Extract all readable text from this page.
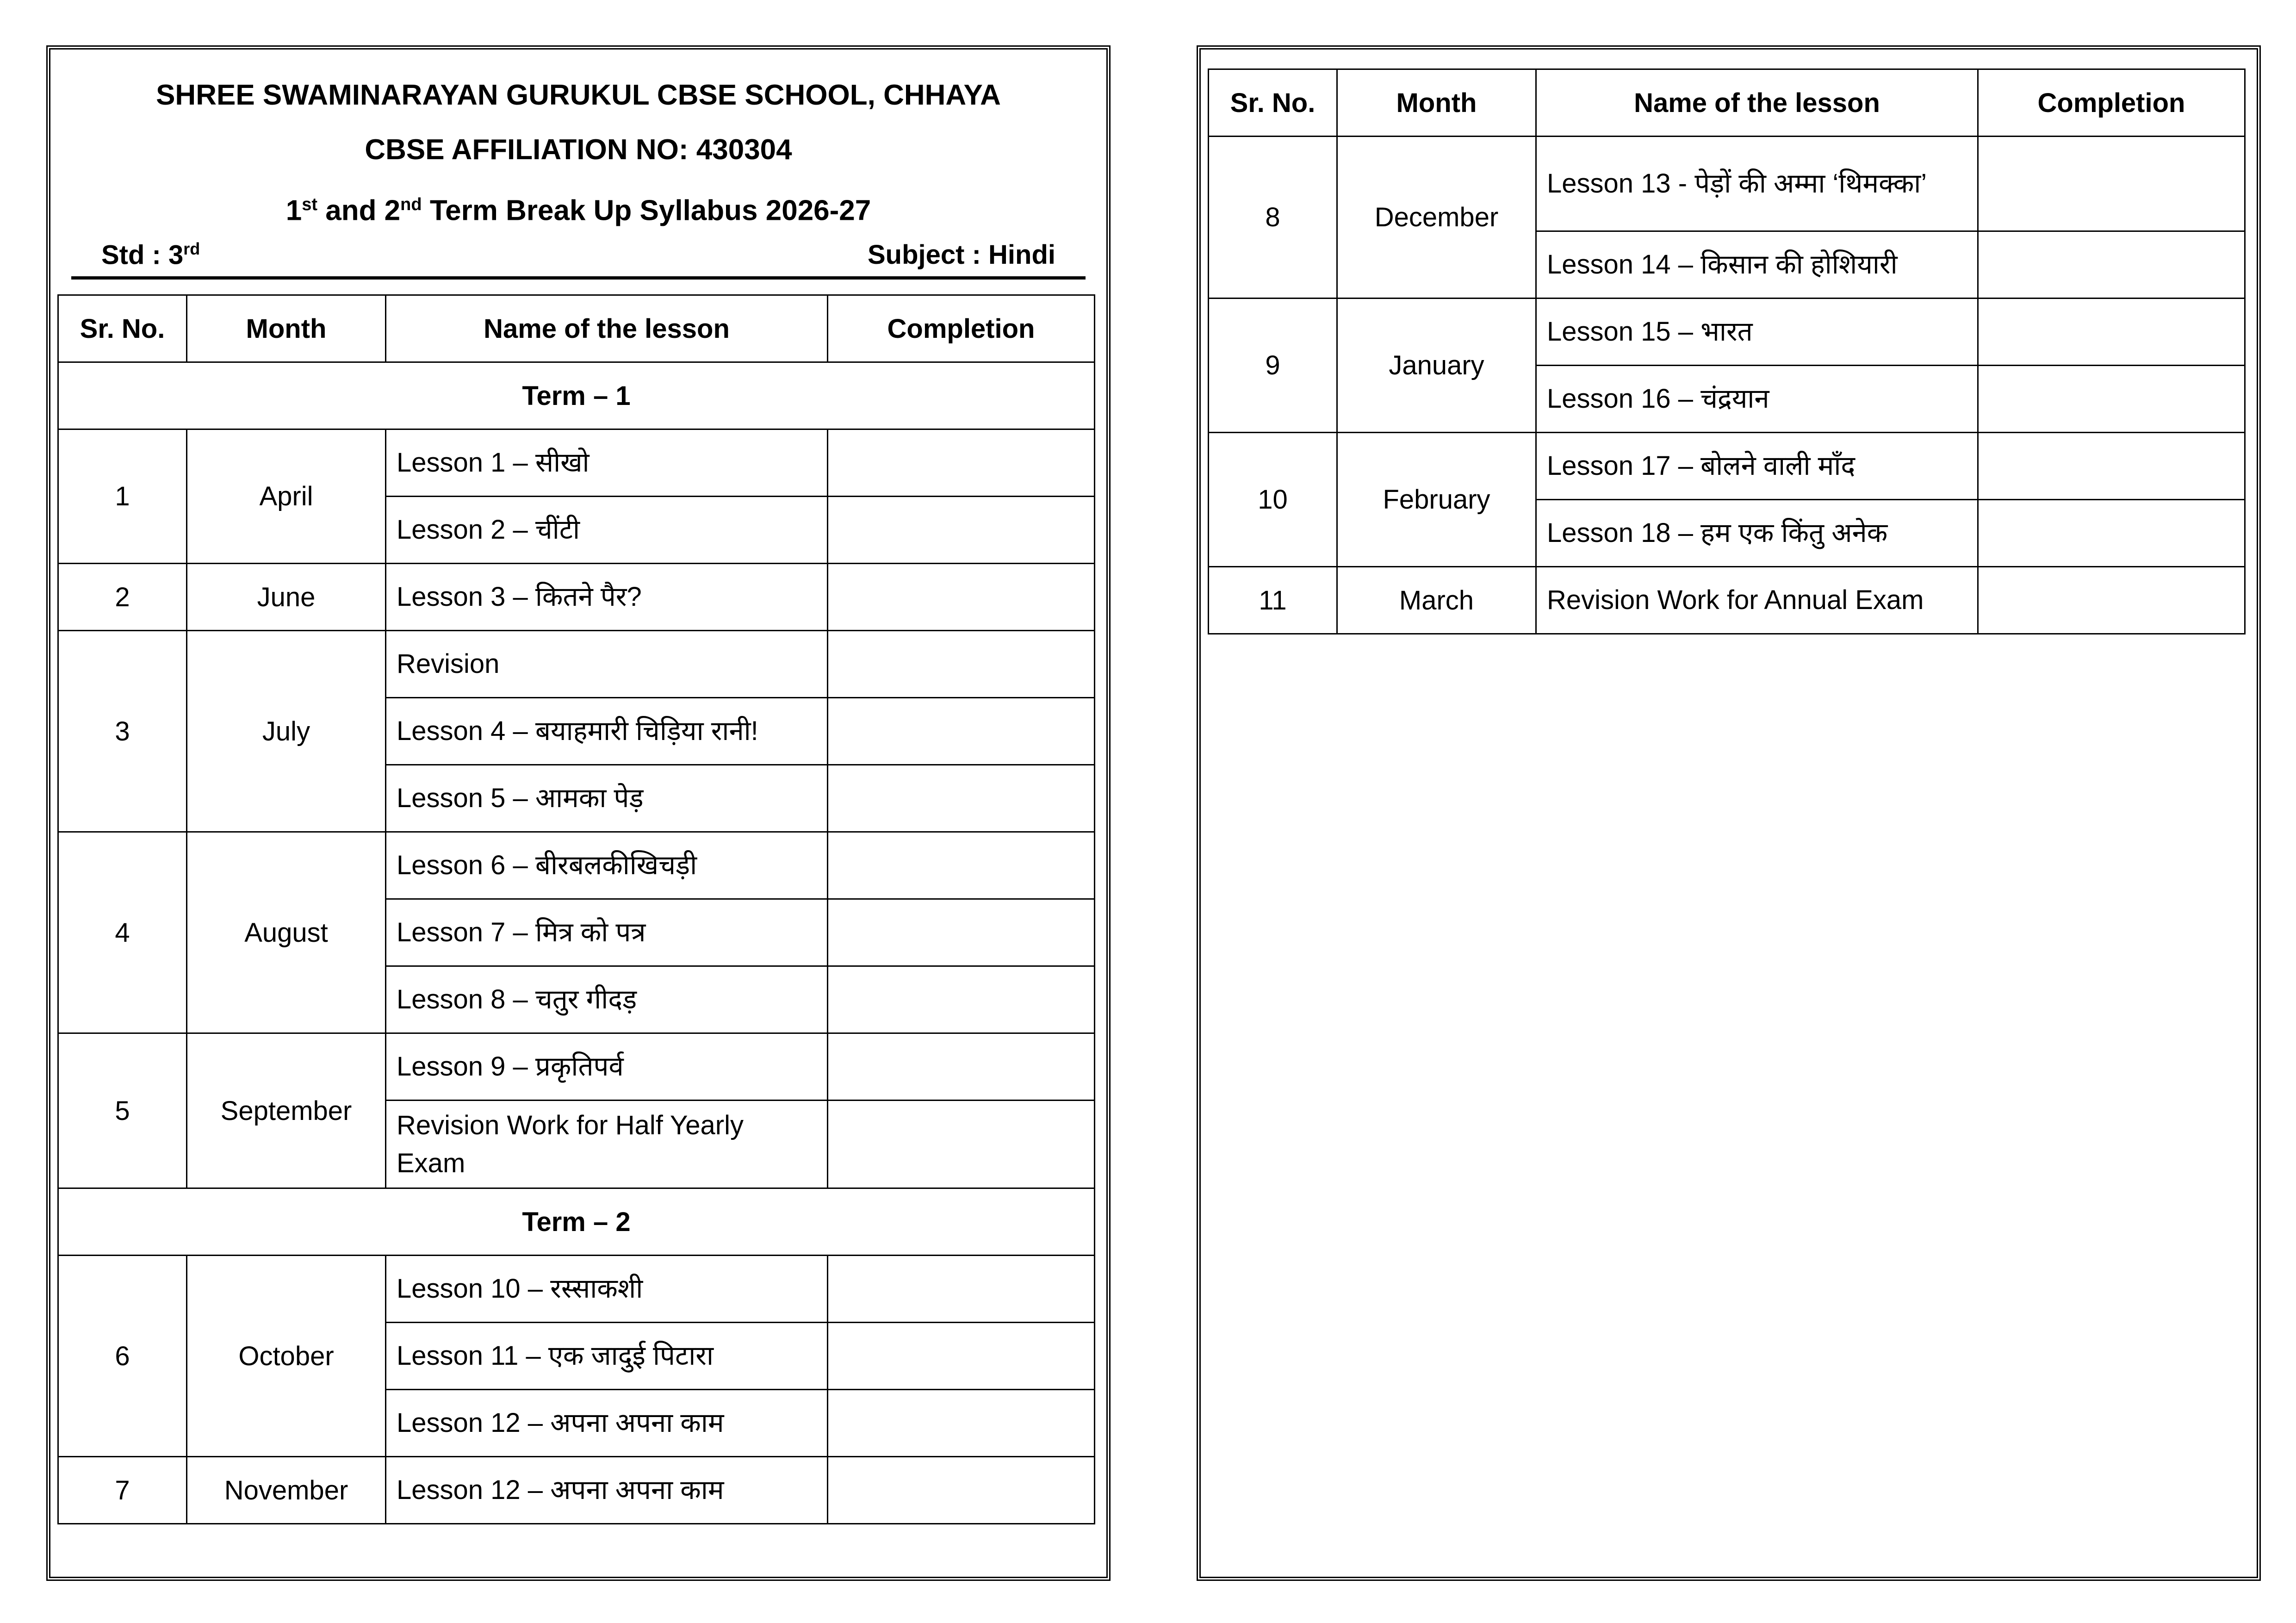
SHREE SWAMINARAYAN GURUKUL CBSE SCHOOL, CHHAYA
CBSE AFFILIATION NO: 430304
1st and 2nd Term Break Up Syllabus 2026-27
Std : 3rd	Subject : Hindi
Sr. No.	Month	Name of the lesson	Completion
Term – 1			
1	April	Lesson 1 – सीखो	
		Lesson 2 – चींटी	
2	June	Lesson 3 – कितने पैर?	
3	July	Revision	
		Lesson 4 – बयाहमारी चिड़िया रानी!	
		Lesson 5 – आमका पेड़	
4	August	Lesson 6 – बीरबलकीखिचड़ी	
		Lesson 7 – मित्र को पत्र	
		Lesson 8 – चतुर गीदड़	
5	September	Lesson 9 – प्रकृतिपर्व	
		Revision Work for Half Yearly Exam	
Term – 2			
6	October	Lesson 10 – रस्साकशी	
		Lesson 11 – एक जादुई पिटारा	
		Lesson 12 – अपना अपना काम	
7	November	Lesson 12 – अपना अपना काम	
Sr. No.	Month	Name of the lesson	Completion
8	December	Lesson 13 - पेड़ों की अम्मा ‘थिमक्का’	
		Lesson 14 – किसान की होशियारी	
9	January	Lesson 15 – भारत	
		Lesson 16 – चंद्रयान	
10	February	Lesson 17 – बोलने वाली माँद	
		Lesson 18 – हम एक किंतु अनेक	
11	March	Revision Work for Annual Exam	
